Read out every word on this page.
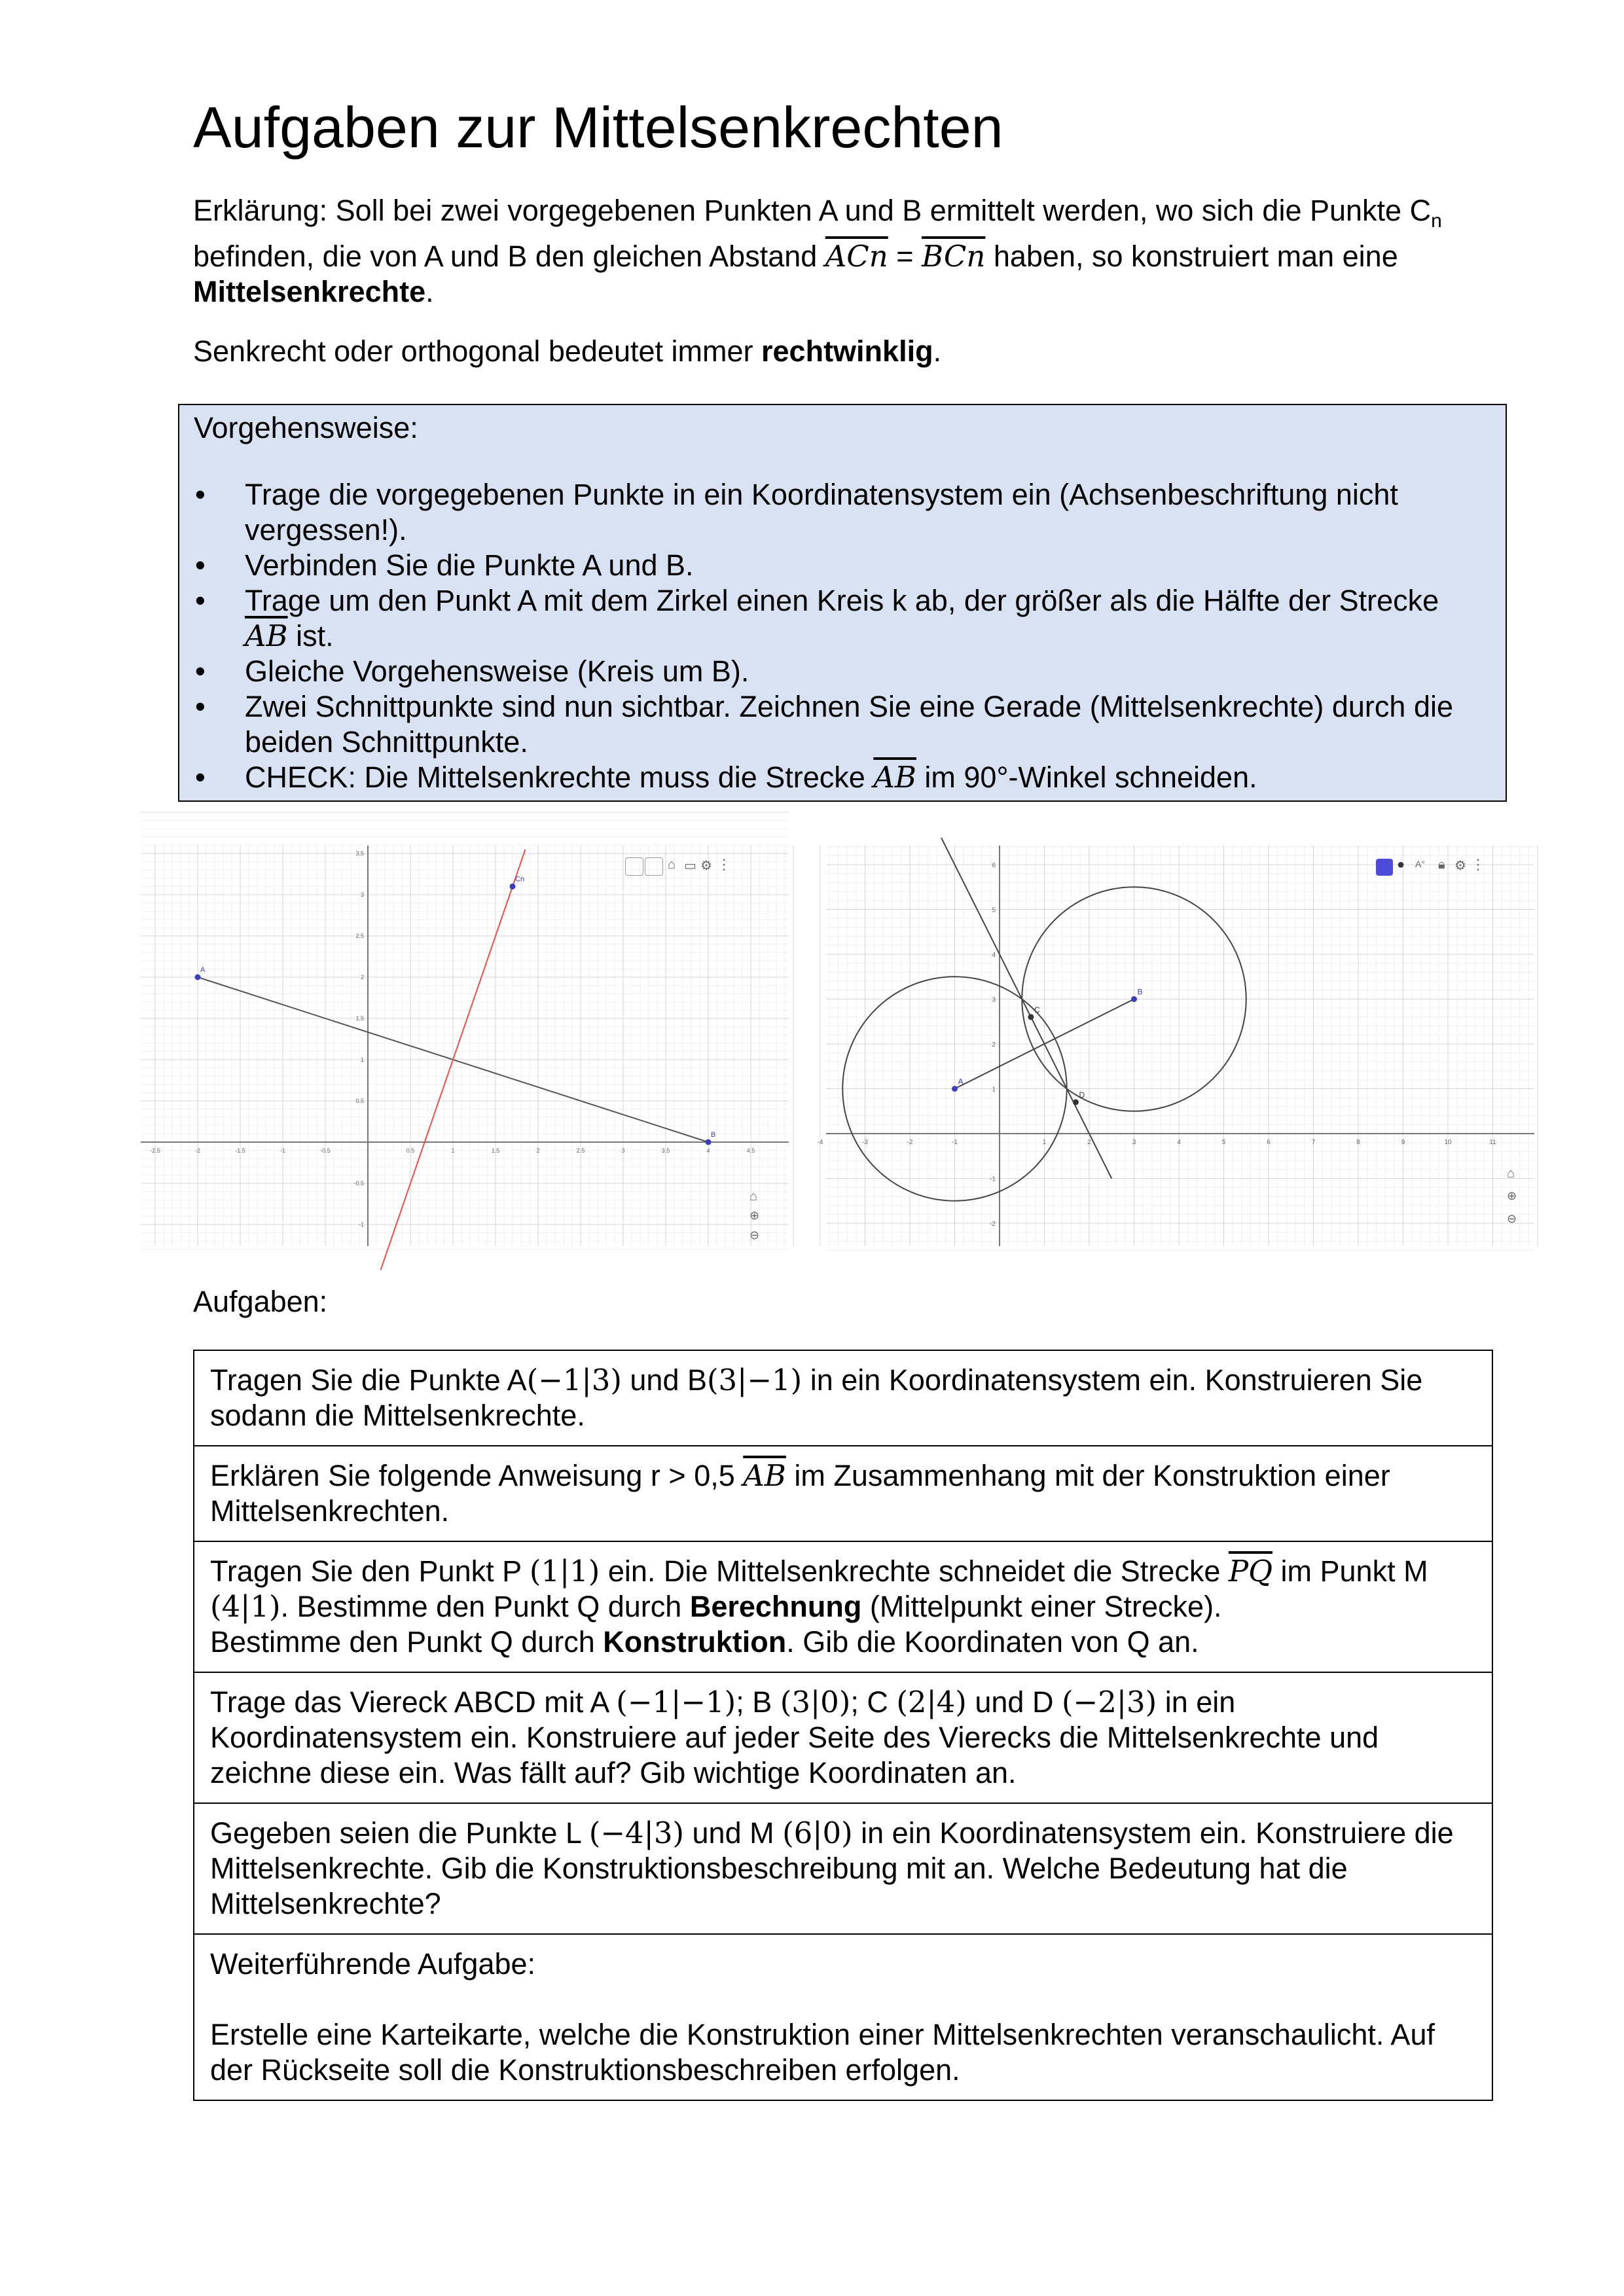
Aufgaben zur Mittelsenkrechten
Erklärung: Soll bei zwei vorgegebenen Punkten A und B ermittelt werden, wo sich die Punkte $C_n$
befinden, die von A und B den gleichen Abstand $\overline{ACn} = \overline{BCn}$ haben, so konstruiert man eine
Mittelsenkrechte.
Senkrecht oder orthogonal bedeutet immer rechtwinklig.
Vorgehensweise:
• Trage die vorgegebenen Punkte in ein Koordinatensystem ein (Achsenbeschriftung nicht vergessen!).
• Verbinden Sie die Punkte A und B.
• Trage um den Punkt A mit dem Zirkel einen Kreis k ab, der größer als die Hälfte der Strecke $\overline{AB}$ ist.
• Gleiche Vorgehensweise (Kreis um B).
• Zwei Schnittpunkte sind nun sichtbar. Zeichnen Sie eine Gerade (Mittelsenkrechte) durch die beiden Schnittpunkte.
• CHECK: Die Mittelsenkrechte muss die Strecke $\overline{AB}$ im 90°-Winkel schneiden.
-2.5	-2	-1.5	-1	-0.5	0.5	1	1.5	2	2.5	3	3.5	4	4.5
3.5
3
2.5
2
1.5
1
0.5
-0.5
-1
A
B
Cn
⌂ ▭ ⚙ ⋮
⌂
⊕
⊖
-4	-3	-2	-1	1	2	3	4	5	6	7	8	9	10	11
6
5
4
3
2
1
-1
-2
A
B
C
D
● A° 🔒︎ ⚙ ⋮
⌂
⊕
⊖
Aufgaben:
Tragen Sie die Punkte A(−1|3) und B(3|−1) in ein Koordinatensystem ein. Konstruieren Sie sodann die Mittelsenkrechte.
Erklären Sie folgende Anweisung r > 0,5 $\overline{AB}$ im Zusammenhang mit der Konstruktion einer Mittelsenkrechten.
Tragen Sie den Punkt P (1|1) ein. Die Mittelsenkrechte schneidet die Strecke $\overline{PQ}$ im Punkt M (4|1). Bestimme den Punkt Q durch Berechnung (Mittelpunkt einer Strecke).
Bestimme den Punkt Q durch Konstruktion. Gib die Koordinaten von Q an.
Trage das Viereck ABCD mit A (−1|−1); B (3|0); C (2|4) und D (−2|3) in ein Koordinatensystem ein. Konstruiere auf jeder Seite des Vierecks die Mittelsenkrechte und zeichne diese ein. Was fällt auf? Gib wichtige Koordinaten an.
Gegeben seien die Punkte L (−4|3) und M (6|0) in ein Koordinatensystem ein. Konstruiere die Mittelsenkrechte. Gib die Konstruktionsbeschreibung mit an. Welche Bedeutung hat die Mittelsenkrechte?

Weiterführende Aufgabe:
Erstelle eine Karteikarte, welche die Konstruktion einer Mittelsenkrechten veranschaulicht. Auf der Rückseite soll die Konstruktionsbeschreiben erfolgen.
